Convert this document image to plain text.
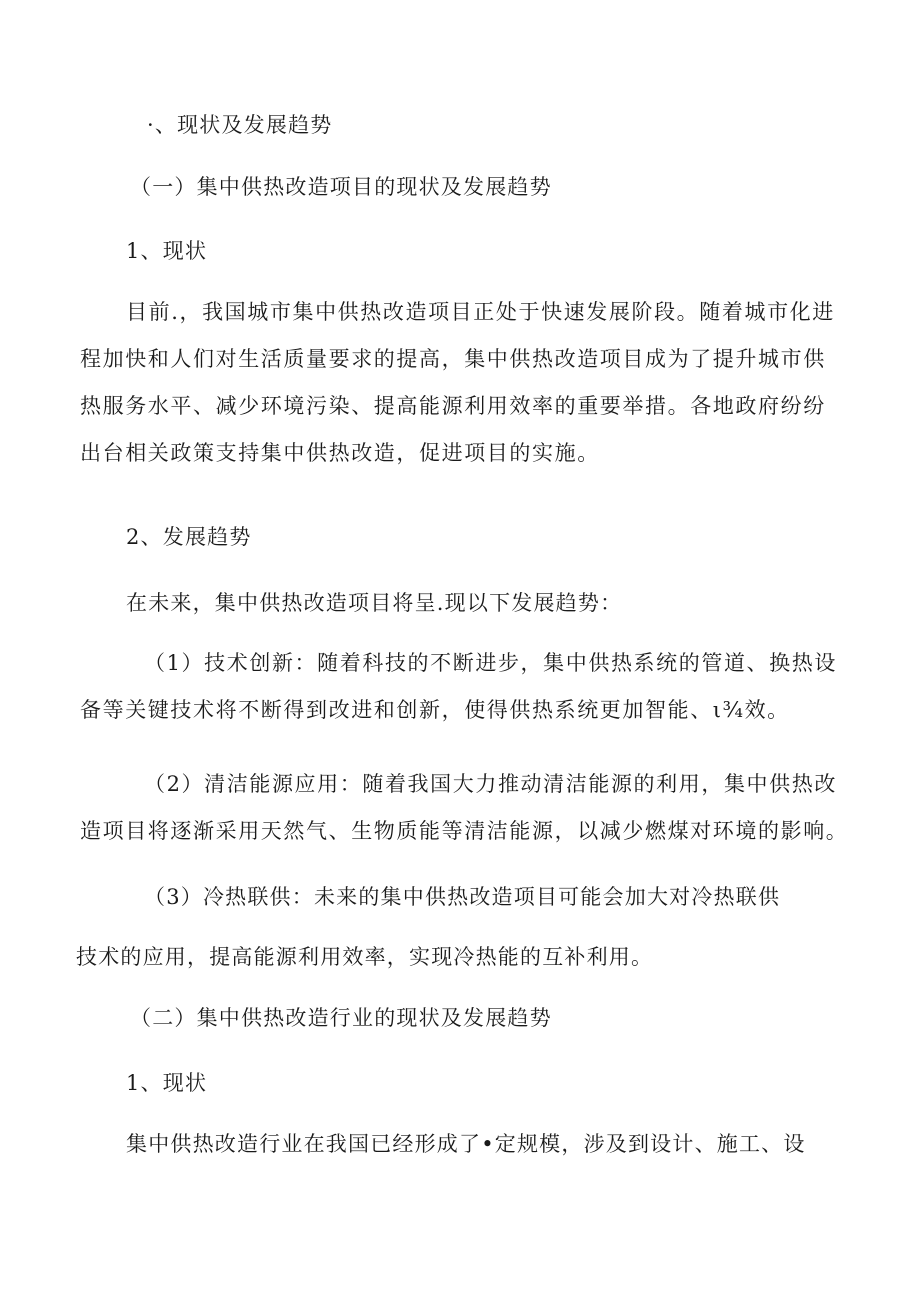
·、现状及发展趋势
（一）集中供热改造项目的现状及发展趋势
1、现状
目前.，我国城市集中供热改造项目正处于快速发展阶段。随着城市化进程加快和人们对生活质量要求的提高，集中供热改造项目成为了提升城市供热服务水平、减少环境污染、提高能源利用效率的重要举措。各地政府纷纷出台相关政策支持集中供热改造，促进项目的实施。
2、发展趋势
在未来，集中供热改造项目将呈.现以下发展趋势：
（1）技术创新：随着科技的不断进步，集中供热系统的管道、换热设备等关键技术将不断得到改进和创新，使得供热系统更加智能、ι¾效。
（2）清洁能源应用：随着我国大力推动清洁能源的利用，集中供热改造项目将逐渐采用天然气、生物质能等清洁能源，以减少燃煤对环境的影响。
（3）冷热联供：未来的集中供热改造项目可能会加大对冷热联供
技术的应用，提高能源利用效率，实现冷热能的互补利用。
（二）集中供热改造行业的现状及发展趋势
1、现状
集中供热改造行业在我国已经形成了•定规模，涉及到设计、施工、设
